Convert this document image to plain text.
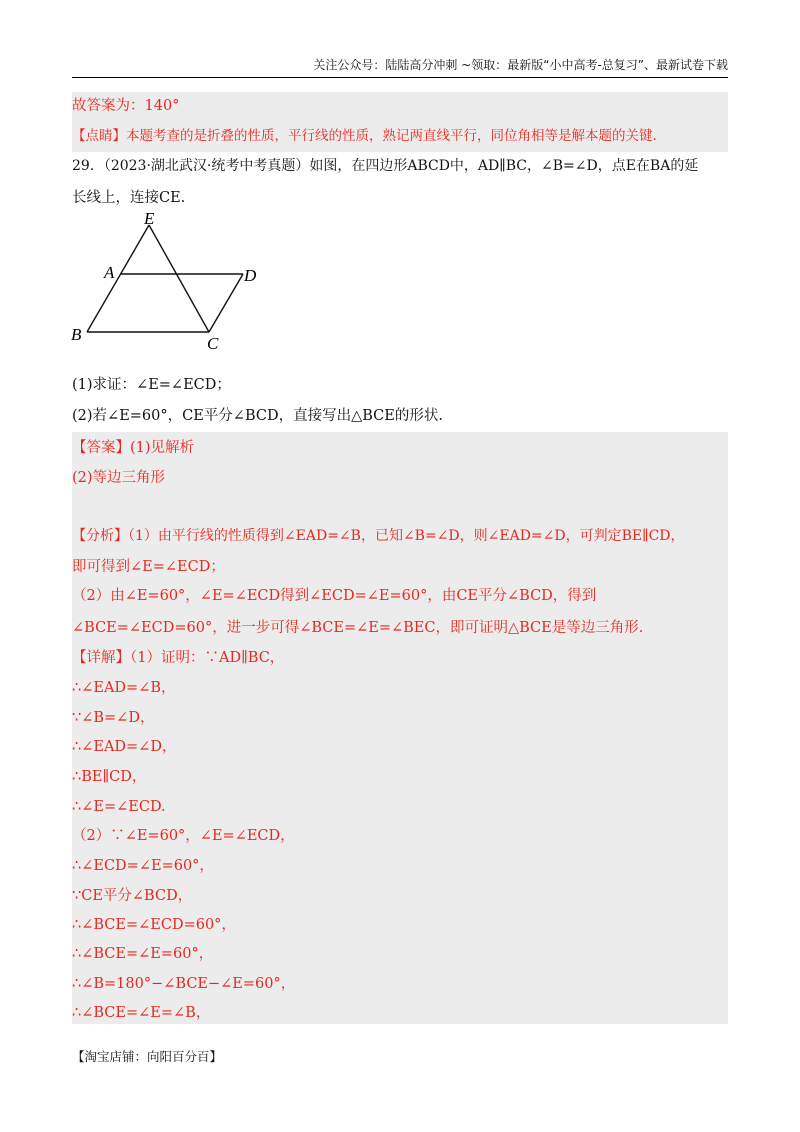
关注公众号：陆陆高分冲刺 ~领取：最新版“小中高考-总复习”、最新试卷下载
故答案为：140°
【点睛】本题考查的是折叠的性质，平行线的性质，熟记两直线平行，同位角相等是解本题的关键.
29．（2023·湖北武汉·统考中考真题）如图，在四边形ABCD中，AD∥BC，∠B=∠D，点E在BA的延
长线上，连接CE.
E
A	D
B	C
(1)求证：∠E=∠ECD；
(2)若∠E=60°，CE平分∠BCD，直接写出△BCE的形状.
【答案】(1)见解析
(2)等边三角形
【分析】（1）由平行线的性质得到∠EAD=∠B，已知∠B=∠D，则∠EAD=∠D，可判定BE∥CD，
即可得到∠E=∠ECD；
（2）由∠E=60°，∠E=∠ECD得到∠ECD=∠E=60°，由CE平分∠BCD，得到
∠BCE=∠ECD=60°，进一步可得∠BCE=∠E=∠BEC，即可证明△BCE是等边三角形.
【详解】（1）证明：∵AD∥BC，
∴∠EAD=∠B，
∵∠B=∠D，
∴∠EAD=∠D，
∴BE∥CD，
∴∠E=∠ECD.
（2）∵∠E=60°，∠E=∠ECD，
∴∠ECD=∠E=60°，
∵CE平分∠BCD，
∴∠BCE=∠ECD=60°，
∴∠BCE=∠E=60°，
∴∠B=180°−∠BCE−∠E=60°，
∴∠BCE=∠E=∠B，
【淘宝店铺：向阳百分百】
